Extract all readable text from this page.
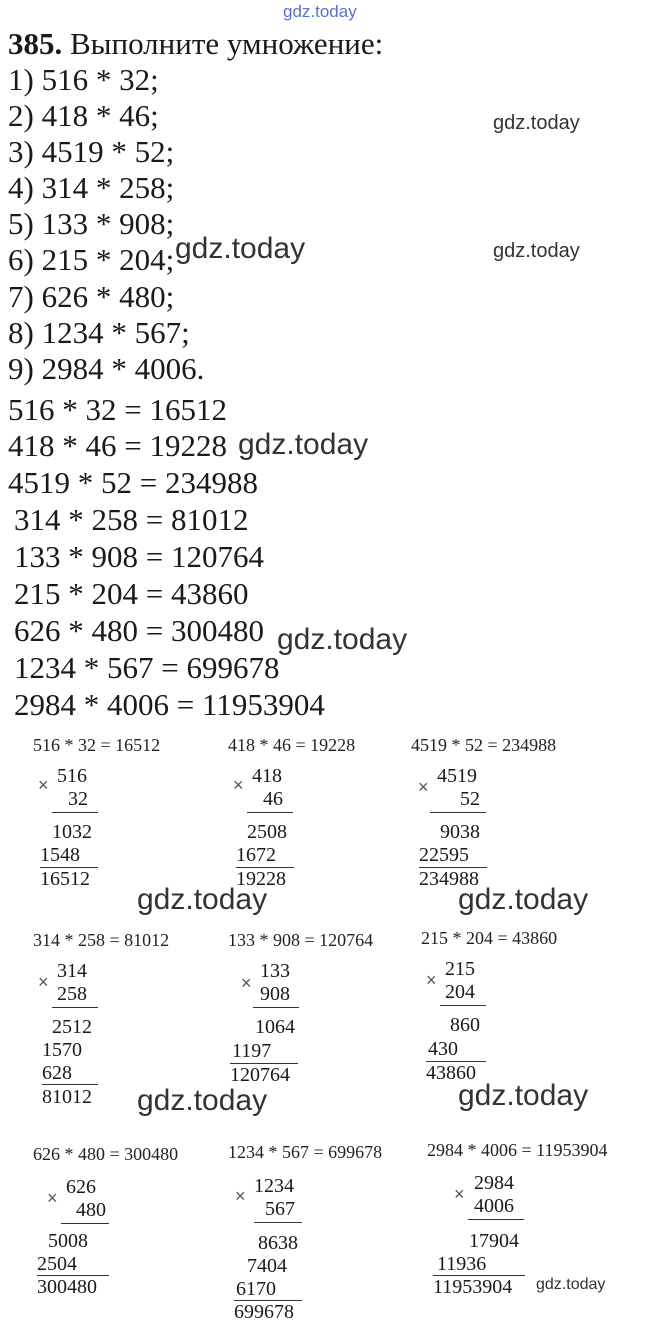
gdz.today
385. Выполните умножение:
1) 516 * 32;
2) 418 * 46;
3) 4519 * 52;
4) 314 * 258;
5) 133 * 908;
6) 215 * 204;
7) 626 * 480;
8) 1234 * 567;
9) 2984 * 4006.
516 * 32 = 16512
418 * 46 = 19228
4519 * 52 = 234988
314 * 258 = 81012
133 * 908 = 120764
215 * 204 = 43860
626 * 480 = 300480
1234 * 567 = 699678
2984 * 4006 = 11953904
gdz.today
gdz.today	gdz.today
gdz.today
gdz.today
516 * 32 = 16512	418 * 46 = 19228	4519 * 52 = 234988
× 516
32
1032
1548
16512
× 418
46
2508
1672
19228
× 4519
52
9038
22595
234988
gdz.today	gdz.today
314 * 258 = 81012	133 * 908 = 120764	215 * 204 = 43860
× 314
258
2512
1570
628
81012
×
133
908
1064
1197
120764
× 215
204
860
430
43860
gdz.today	gdz.today
626 * 480 = 300480	1234 * 567 = 699678 2984 * 4006 = 11953904
× 626
480
5008
2504
300480
× 1234
567
8638
7404
6170
699678
× 2984
4006
17904
11936
11953904 gdz.today
